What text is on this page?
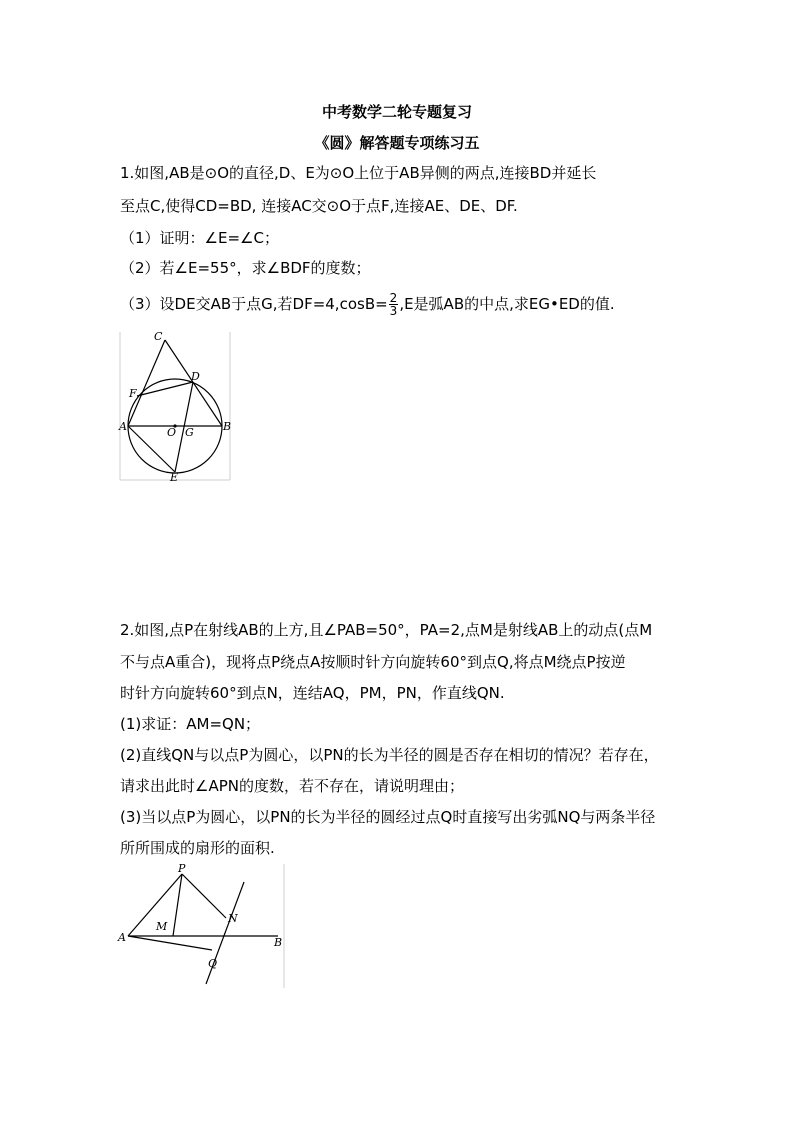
中考数学二轮专题复习
《圆》解答题专项练习五
1.如图,AB是⊙O的直径,D、E为⊙O上位于AB异侧的两点,连接BD并延长
至点C,使得CD=BD, 连接AC交⊙O于点F,连接AE、DE、DF.
（1）证明：∠E=∠C；
（2）若∠E=55°，求∠BDF的度数；
（3）设DE交AB于点G,若$DF=4,\cos B= \frac{2}{3} ,E$是弧AB的中点,求EG•ED的值.
C
D
F
A	O G	B
E
2.如图,点P在射线AB的上方,且∠PAB=50°，PA=2,点M是射线AB上的动点(点M
不与点A重合)，现将点P绕点A按顺时针方向旋转60°到点Q,将点M绕点P按逆
时针方向旋转60°到点N，连结AQ，PM，PN，作直线QN.
(1)求证：AM=QN；
(2)直线QN与以点P为圆心，以PN的长为半径的圆是否存在相切的情况？若存在，
请求出此时∠APN的度数，若不存在，请说明理由；
(3)当以点P为圆心，以PN的长为半径的圆经过点Q时直接写出劣弧NQ与两条半径
所所围成的扇形的面积.
P
M
N
A	B
Q
